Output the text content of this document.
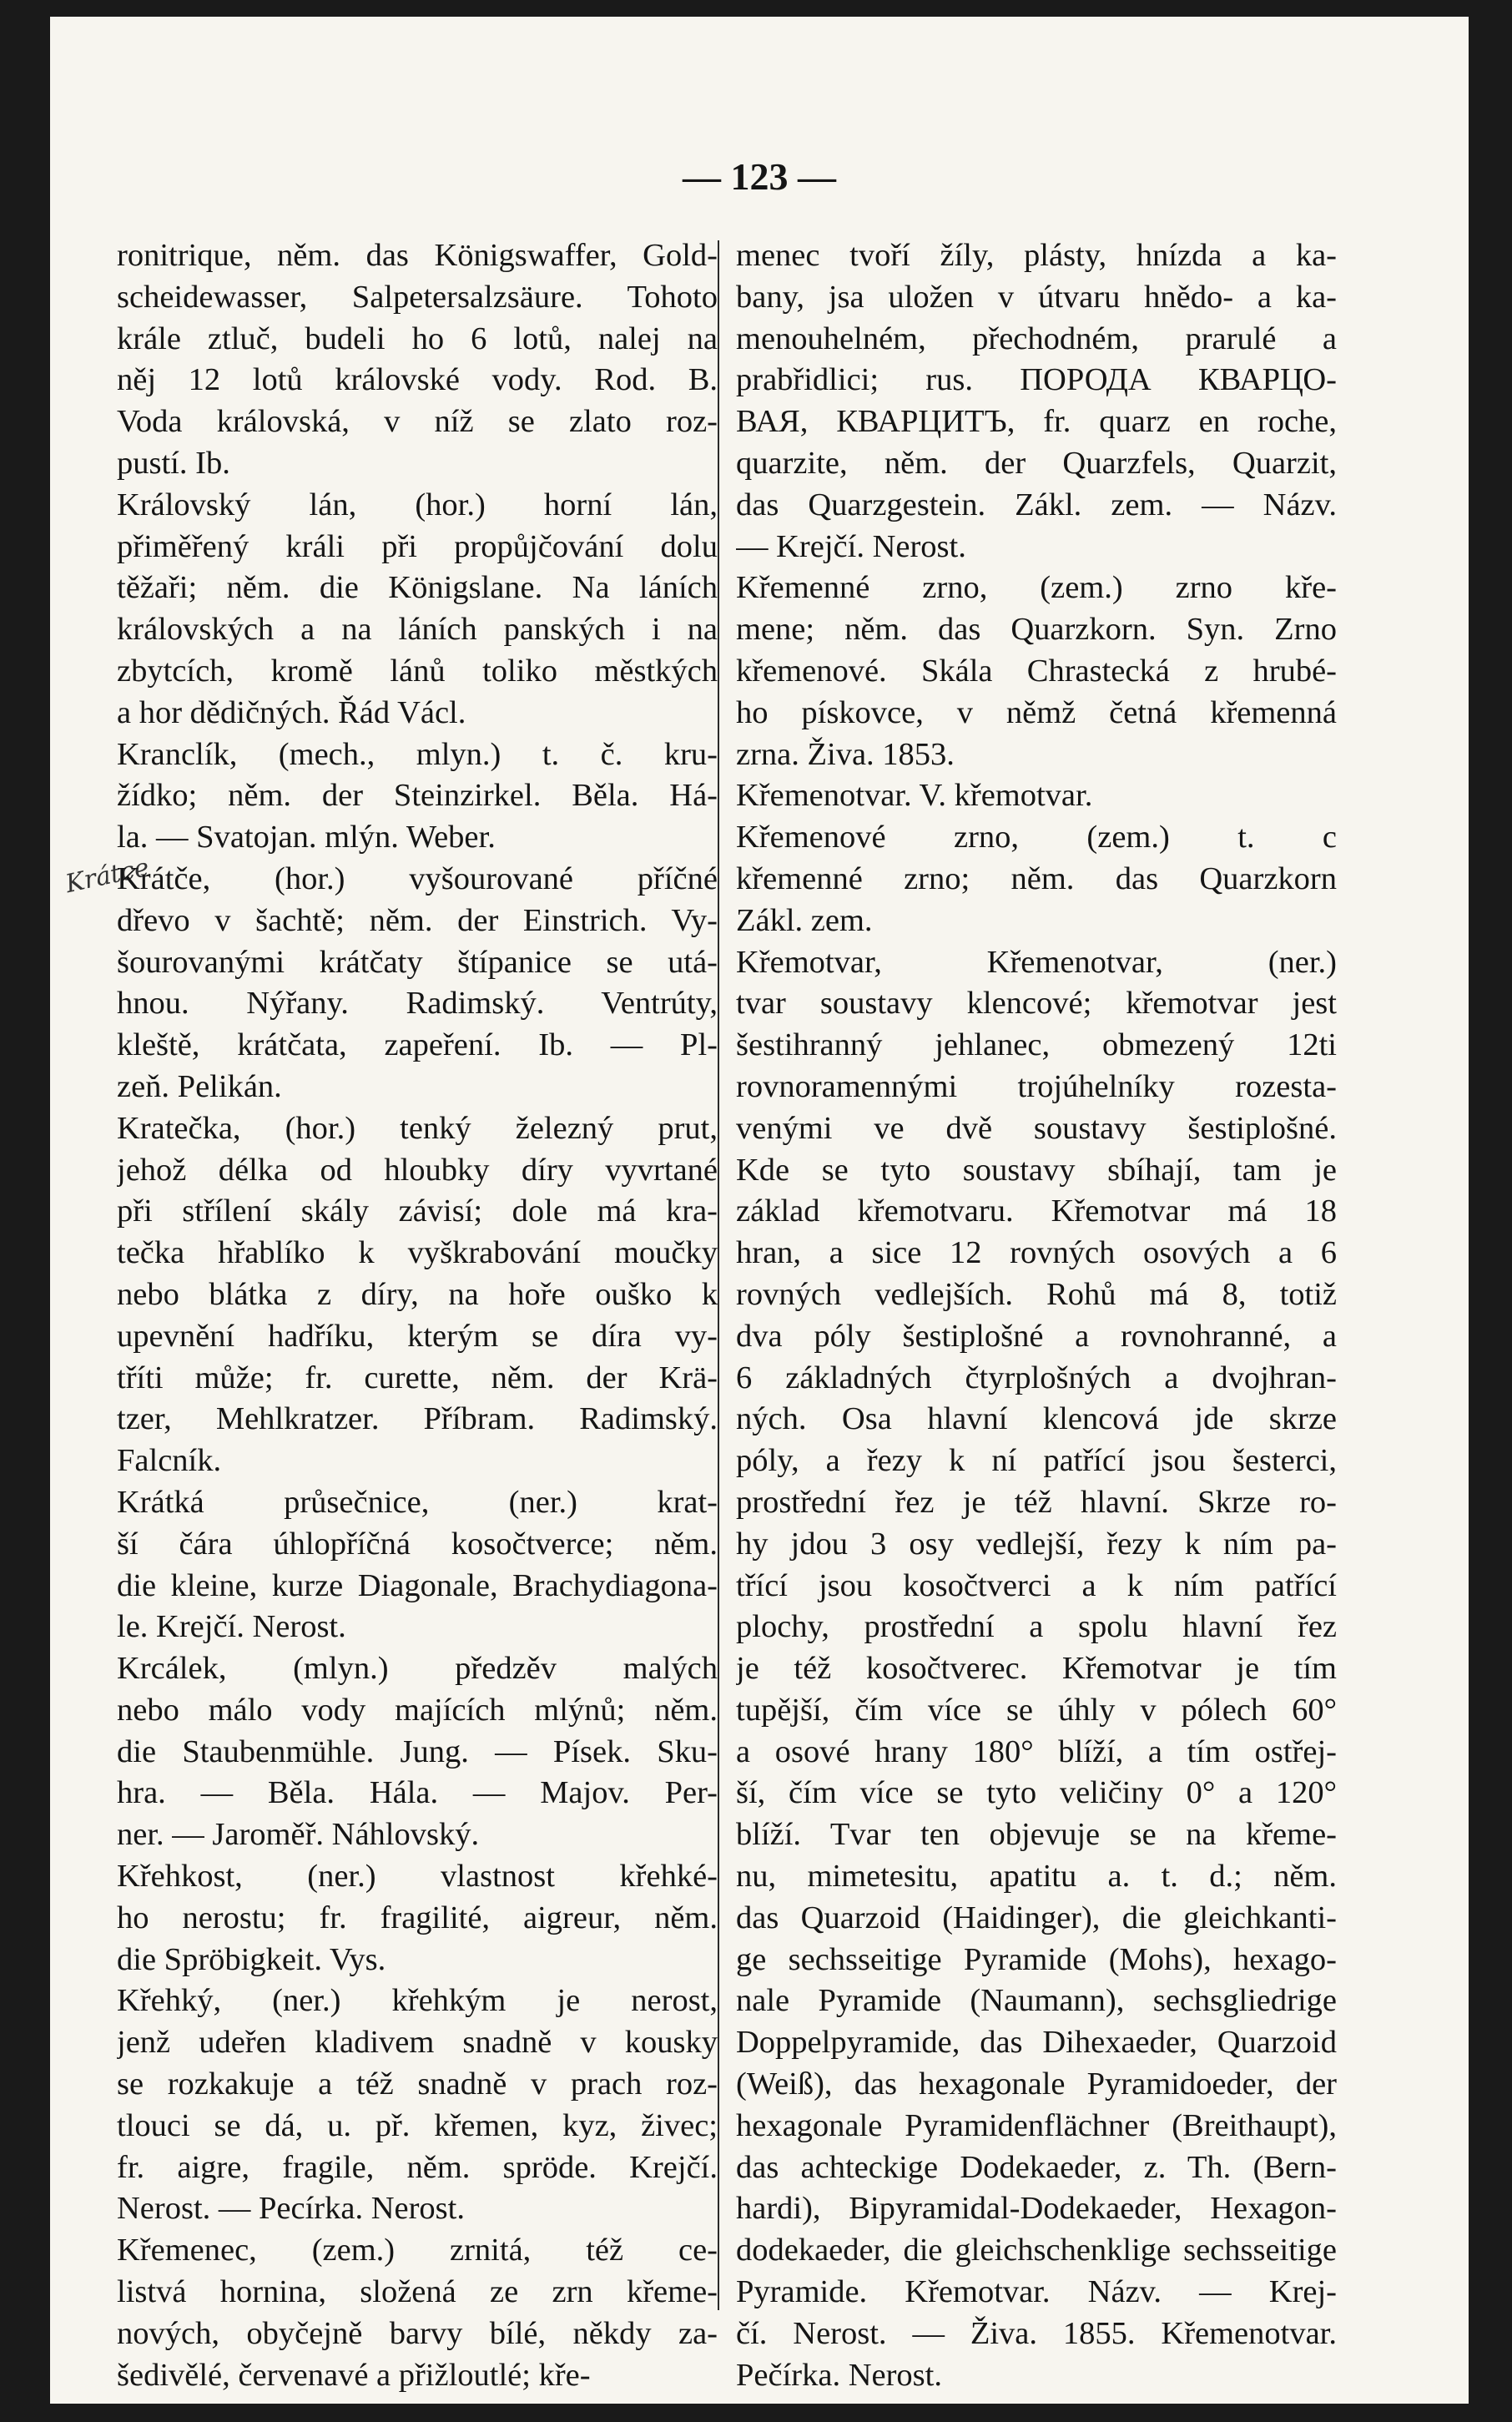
— 123 —
Krátce
ronitrique, něm. das Königswaffer, Gold-
scheidewasser, Salpetersalzsäure. Tohoto
krále ztluč, budeli ho 6 lotů, nalej na
něj 12 lotů královské vody. Rod. B.
Voda královská, v níž se zlato roz-
pustí. Ib.
Královský lán, (hor.) horní lán,
přiměřený králi při propůjčování dolu
těžaři; něm. die Königslane. Na láních
královských a na láních panských i na
zbytcích, kromě lánů toliko městkých
a hor dědičných. Řád Václ.
Kranclík, (mech., mlyn.) t. č. kru-
žídko; něm. der Steinzirkel. Běla. Há-
la. — Svatojan. mlýn. Weber.
Krátče, (hor.) vyšourované příčné
dřevo v šachtě; něm. der Einstrich. Vy-
šourovanými krátčaty štípanice se utá-
hnou. Nýřany. Radimský. Ventrúty,
kleště, krátčata, zapeření. Ib. — Pl-
zeň. Pelikán.
Kratečka, (hor.) tenký železný prut,
jehož délka od hloubky díry vyvrtané
při střílení skály závisí; dole má kra-
tečka hřablíko k vyškrabování moučky
nebo blátka z díry, na hoře ouško k
upevnění hadříku, kterým se díra vy-
tříti může; fr. curette, něm. der Krä-
tzer, Mehlkratzer. Příbram. Radimský.
Falcník.
Krátká průsečnice, (ner.) krat-
ší čára úhlopříčná kosočtverce; něm.
die kleine, kurze Diagonale, Brachydiagona-
le. Krejčí. Nerost.
Krcálek, (mlyn.) předzěv malých
nebo málo vody majících mlýnů; něm.
die Staubenmühle. Jung. — Písek. Sku-
hra. — Běla. Hála. — Majov. Per-
ner. — Jaroměř. Náhlovský.
Křehkost, (ner.) vlastnost křehké-
ho nerostu; fr. fragilité, aigreur, něm.
die Spröbigkeit. Vys.
Křehký, (ner.) křehkým je nerost,
jenž udeřen kladivem snadně v kousky
se rozkakuje a též snadně v prach roz-
tlouci se dá, u. př. křemen, kyz, živec;
fr. aigre, fragile, něm. spröde. Krejčí.
Nerost. — Pecírka. Nerost.
Křemenec, (zem.) zrnitá, též ce-
listvá hornina, složená ze zrn křeme-
nových, obyčejně barvy bílé, někdy za-
šedivělé, červenavé a přižloutlé; kře-
menec tvoří žíly, plásty, hnízda a ka-
bany, jsa uložen v útvaru hnědo- a ka-
menouhelném, přechodném, prarulé a
prabřidlici; rus. ПОРОДА КВАРЦО-
ВАЯ, КВАРЦИТЪ, fr. quarz en roche,
quarzite, něm. der Quarzfels, Quarzit,
das Quarzgestein. Zákl. zem. — Názv.
— Krejčí. Nerost.
Křemenné zrno, (zem.) zrno kře-
mene; něm. das Quarzkorn. Syn. Zrno
křemenové. Skála Chrastecká z hrubé-
ho pískovce, v němž četná křemenná
zrna. Živa. 1853.
Křemenotvar. V. křemotvar.
Křemenové zrno, (zem.) t. c
křemenné zrno; něm. das Quarzkorn
Zákl. zem.
Křemotvar, Křemenotvar, (ner.)
tvar soustavy klencové; křemotvar jest
šestihranný jehlanec, obmezený 12ti
rovnoramennými trojúhelníky rozesta-
venými ve dvě soustavy šestiplošné.
Kde se tyto soustavy sbíhají, tam je
základ křemotvaru. Křemotvar má 18
hran, a sice 12 rovných osových a 6
rovných vedlejších. Rohů má 8, totiž
dva póly šestiplošné a rovnohranné, a
6 základných čtyrplošných a dvojhran-
ných. Osa hlavní klencová jde skrze
póly, a řezy k ní patřící jsou šesterci,
prostřední řez je též hlavní. Skrze ro-
hy jdou 3 osy vedlejší, řezy k ním pa-
třící jsou kosočtverci a k ním patřící
plochy, prostřední a spolu hlavní řez
je též kosočtverec. Křemotvar je tím
tupější, čím více se úhly v pólech 60°
a osové hrany 180° blíží, a tím ostřej-
ší, čím více se tyto veličiny 0° a 120°
blíží. Tvar ten objevuje se na křeme-
nu, mimetesitu, apatitu a. t. d.; něm.
das Quarzoid (Haidinger), die gleichkanti-
ge sechsseitige Pyramide (Mohs), hexago-
nale Pyramide (Naumann), sechsgliedrige
Doppelpyramide, das Dihexaeder, Quarzoid
(Weiß), das hexagonale Pyramidoeder, der
hexagonale Pyramidenflächner (Breithaupt),
das achteckige Dodekaeder, z. Th. (Bern-
hardi), Bipyramidal-Dodekaeder, Hexagon-
dodekaeder, die gleichschenklige sechsseitige
Pyramide. Křemotvar. Názv. — Krej-
čí. Nerost. — Živa. 1855. Křemenotvar.
Pečírka. Nerost.
